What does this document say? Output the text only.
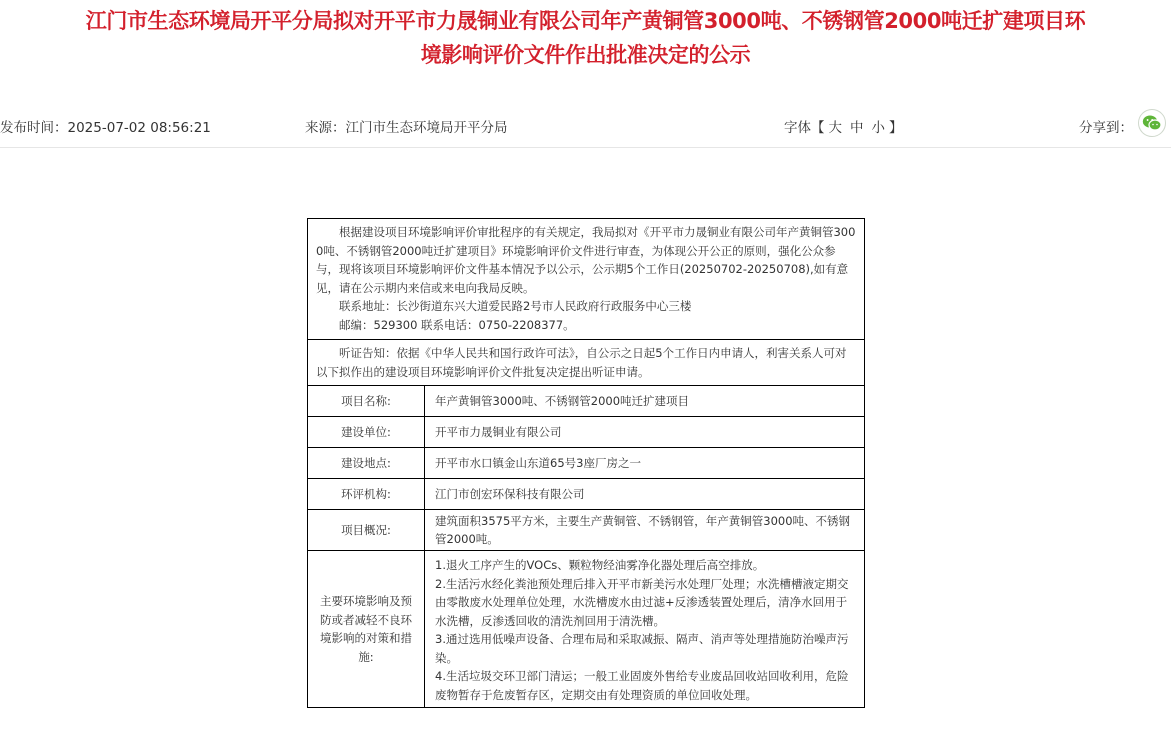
江门市生态环境局开平分局拟对开平市力晟铜业有限公司年产黄铜管3000吨、不锈钢管2000吨迁扩建项目环
境影响评价文件作出批准决定的公示
发布时间：2025-07-02 08:56:21	来源：江门市生态环境局开平分局	字体【 大 中 小 】	分享到：

根据建设项目环境影响评价审批程序的有关规定，我局拟对《开平市力晟铜业有限公司年产黄铜管3000吨、不锈钢管2000吨迁扩建项目》环境影响评价文件进行审查，为体现公开公正的原则，强化公众参与，现将该项目环境影响评价文件基本情况予以公示，公示期5个工作日(20250702-20250708),如有意见，请在公示期内来信或来电向我局反映。

联系地址：长沙街道东兴大道爱民路2号市人民政府行政服务中心三楼

邮编：529300 联系电话：0750-2208377。	

听证告知：依据《中华人民共和国行政许可法》，自公示之日起5个工作日内申请人，利害关系人可对以下拟作出的建设项目环境影响评价文件批复决定提出听证申请。	
项目名称:	年产黄铜管3000吨、不锈钢管2000吨迁扩建项目
建设单位:	开平市力晟铜业有限公司
建设地点:	开平市水口镇金山东道65号3座厂房之一
环评机构:	江门市创宏环保科技有限公司
项目概况:	建筑面积3575平方米，主要生产黄铜管、不锈钢管，年产黄铜管3000吨、不锈钢管2000吨。
主要环境影响及预防或者减轻不良环境影响的对策和措施:	1.退火工序产生的VOCs、颗粒物经油雾净化器处理后高空排放。

2.生活污水经化粪池预处理后排入开平市新美污水处理厂处理；水洗槽槽液定期交由零散废水处理单位处理，水洗槽废水由过滤+反渗透装置处理后，清净水回用于水洗槽，反渗透回收的清洗剂回用于清洗槽。

3.通过选用低噪声设备、合理布局和采取减振、隔声、消声等处理措施防治噪声污染。

4.生活垃圾交环卫部门清运；一般工业固废外售给专业废品回收站回收利用，危险废物暂存于危废暂存区，定期交由有处理资质的单位回收处理。
